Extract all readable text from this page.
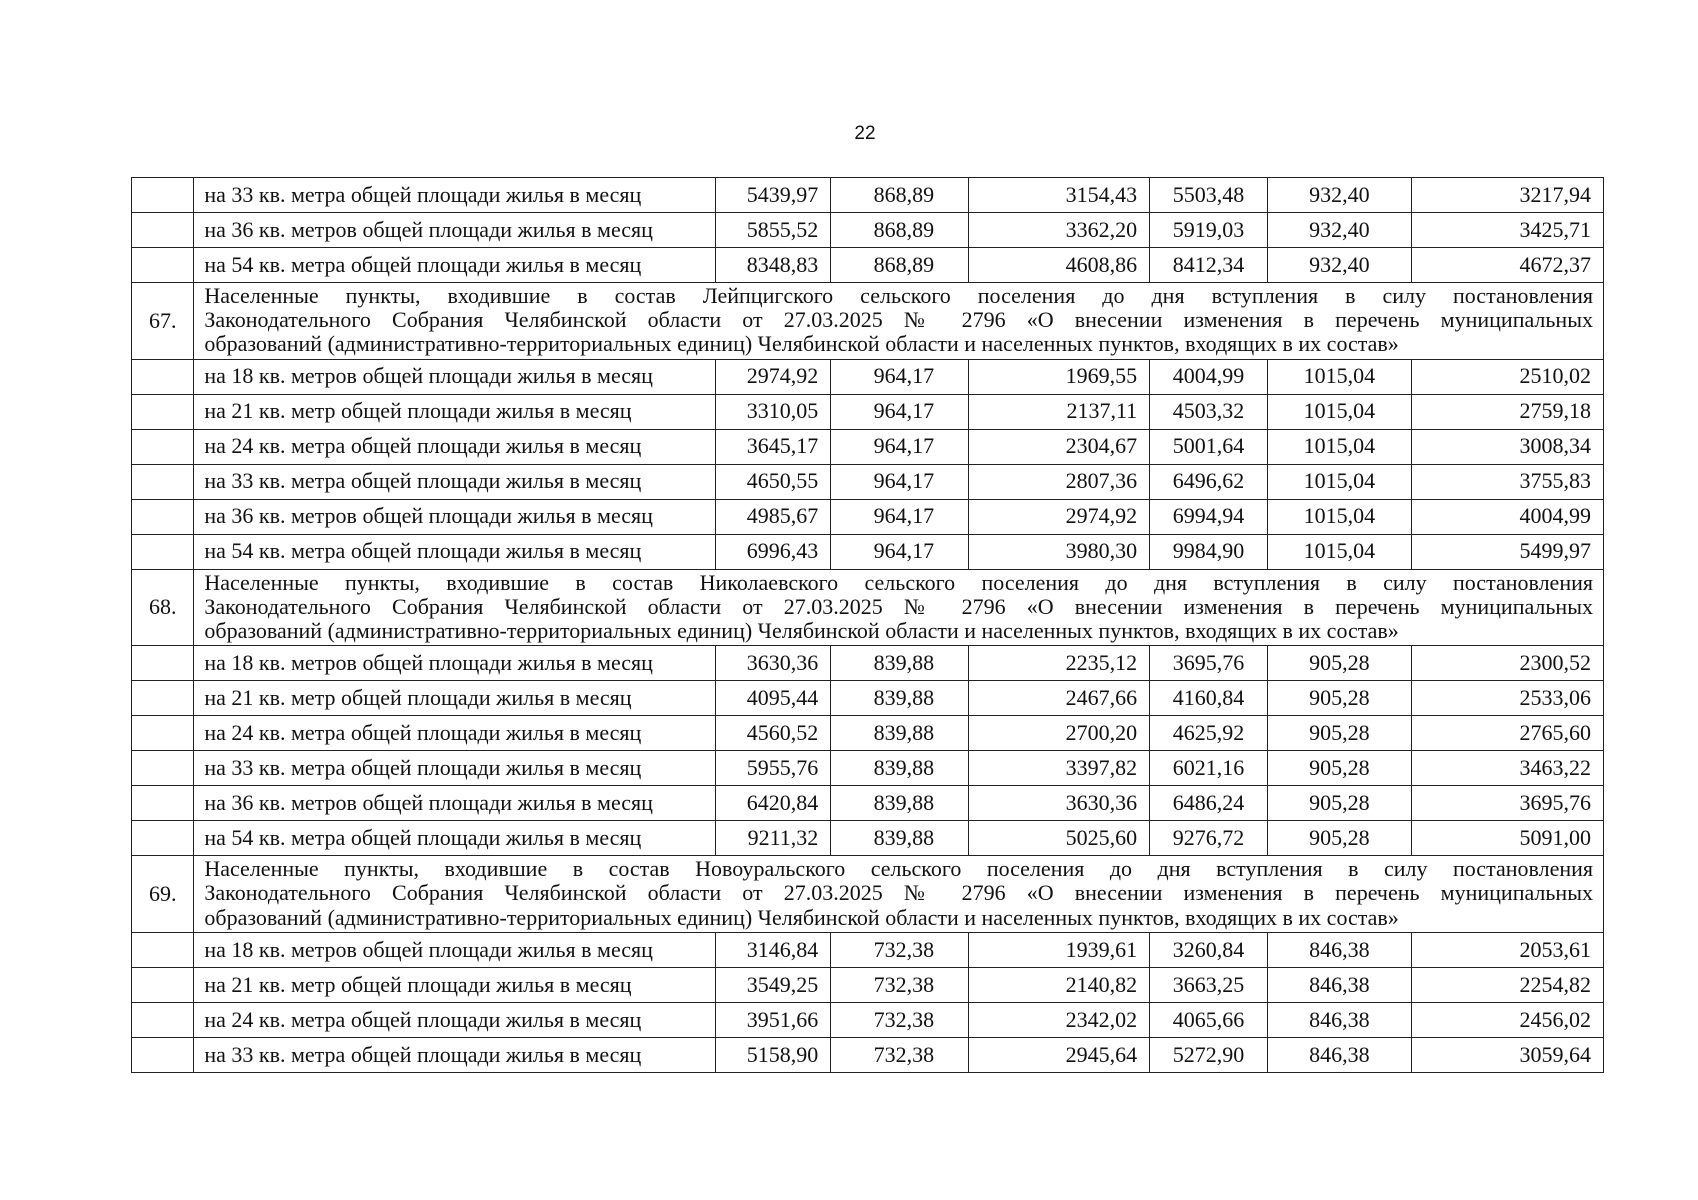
22
	на 33 кв. метра общей площади жилья в месяц	5439,97	868,89	3154,43	5503,48	932,40	3217,94
	на 36 кв. метров общей площади жилья в месяц	5855,52	868,89	3362,20	5919,03	932,40	3425,71
	на 54 кв. метра общей площади жилья в месяц	8348,83	868,89	4608,86	8412,34	932,40	4672,37
67.	Населенные пункты, входившие в состав Лейпцигского сельского поселения до дня вступления в силу постановления
Законодательного Собрания Челябинской области от 27.03.2025 № 2796 «О внесении изменения в перечень муниципальных
образований (административно-территориальных единиц) Челябинской области и населенных пунктов, входящих в их состав»						

	на 18 кв. метров общей площади жилья в месяц	2974,92	964,17	1969,55	4004,99	1015,04	2510,02
	на 21 кв. метр общей площади жилья в месяц	3310,05	964,17	2137,11	4503,32	1015,04	2759,18
	на 24 кв. метра общей площади жилья в месяц	3645,17	964,17	2304,67	5001,64	1015,04	3008,34
	на 33 кв. метра общей площади жилья в месяц	4650,55	964,17	2807,36	6496,62	1015,04	3755,83
	на 36 кв. метров общей площади жилья в месяц	4985,67	964,17	2974,92	6994,94	1015,04	4004,99
	на 54 кв. метра общей площади жилья в месяц	6996,43	964,17	3980,30	9984,90	1015,04	5499,97
68.	Населенные пункты, входившие в состав Николаевского сельского поселения до дня вступления в силу постановления
Законодательного Собрания Челябинской области от 27.03.2025 № 2796 «О внесении изменения в перечень муниципальных
образований (административно-территориальных единиц) Челябинской области и населенных пунктов, входящих в их состав»						

	на 18 кв. метров общей площади жилья в месяц	3630,36	839,88	2235,12	3695,76	905,28	2300,52
	на 21 кв. метр общей площади жилья в месяц	4095,44	839,88	2467,66	4160,84	905,28	2533,06
	на 24 кв. метра общей площади жилья в месяц	4560,52	839,88	2700,20	4625,92	905,28	2765,60
	на 33 кв. метра общей площади жилья в месяц	5955,76	839,88	3397,82	6021,16	905,28	3463,22
	на 36 кв. метров общей площади жилья в месяц	6420,84	839,88	3630,36	6486,24	905,28	3695,76
	на 54 кв. метра общей площади жилья в месяц	9211,32	839,88	5025,60	9276,72	905,28	5091,00
69.	Населенные пункты, входившие в состав Новоуральского сельского поселения до дня вступления в силу постановления
Законодательного Собрания Челябинской области от 27.03.2025 № 2796 «О внесении изменения в перечень муниципальных
образований (административно-территориальных единиц) Челябинской области и населенных пунктов, входящих в их состав»						

	на 18 кв. метров общей площади жилья в месяц	3146,84	732,38	1939,61	3260,84	846,38	2053,61
	на 21 кв. метр общей площади жилья в месяц	3549,25	732,38	2140,82	3663,25	846,38	2254,82
	на 24 кв. метра общей площади жилья в месяц	3951,66	732,38	2342,02	4065,66	846,38	2456,02
	на 33 кв. метра общей площади жилья в месяц	5158,90	732,38	2945,64	5272,90	846,38	3059,64
